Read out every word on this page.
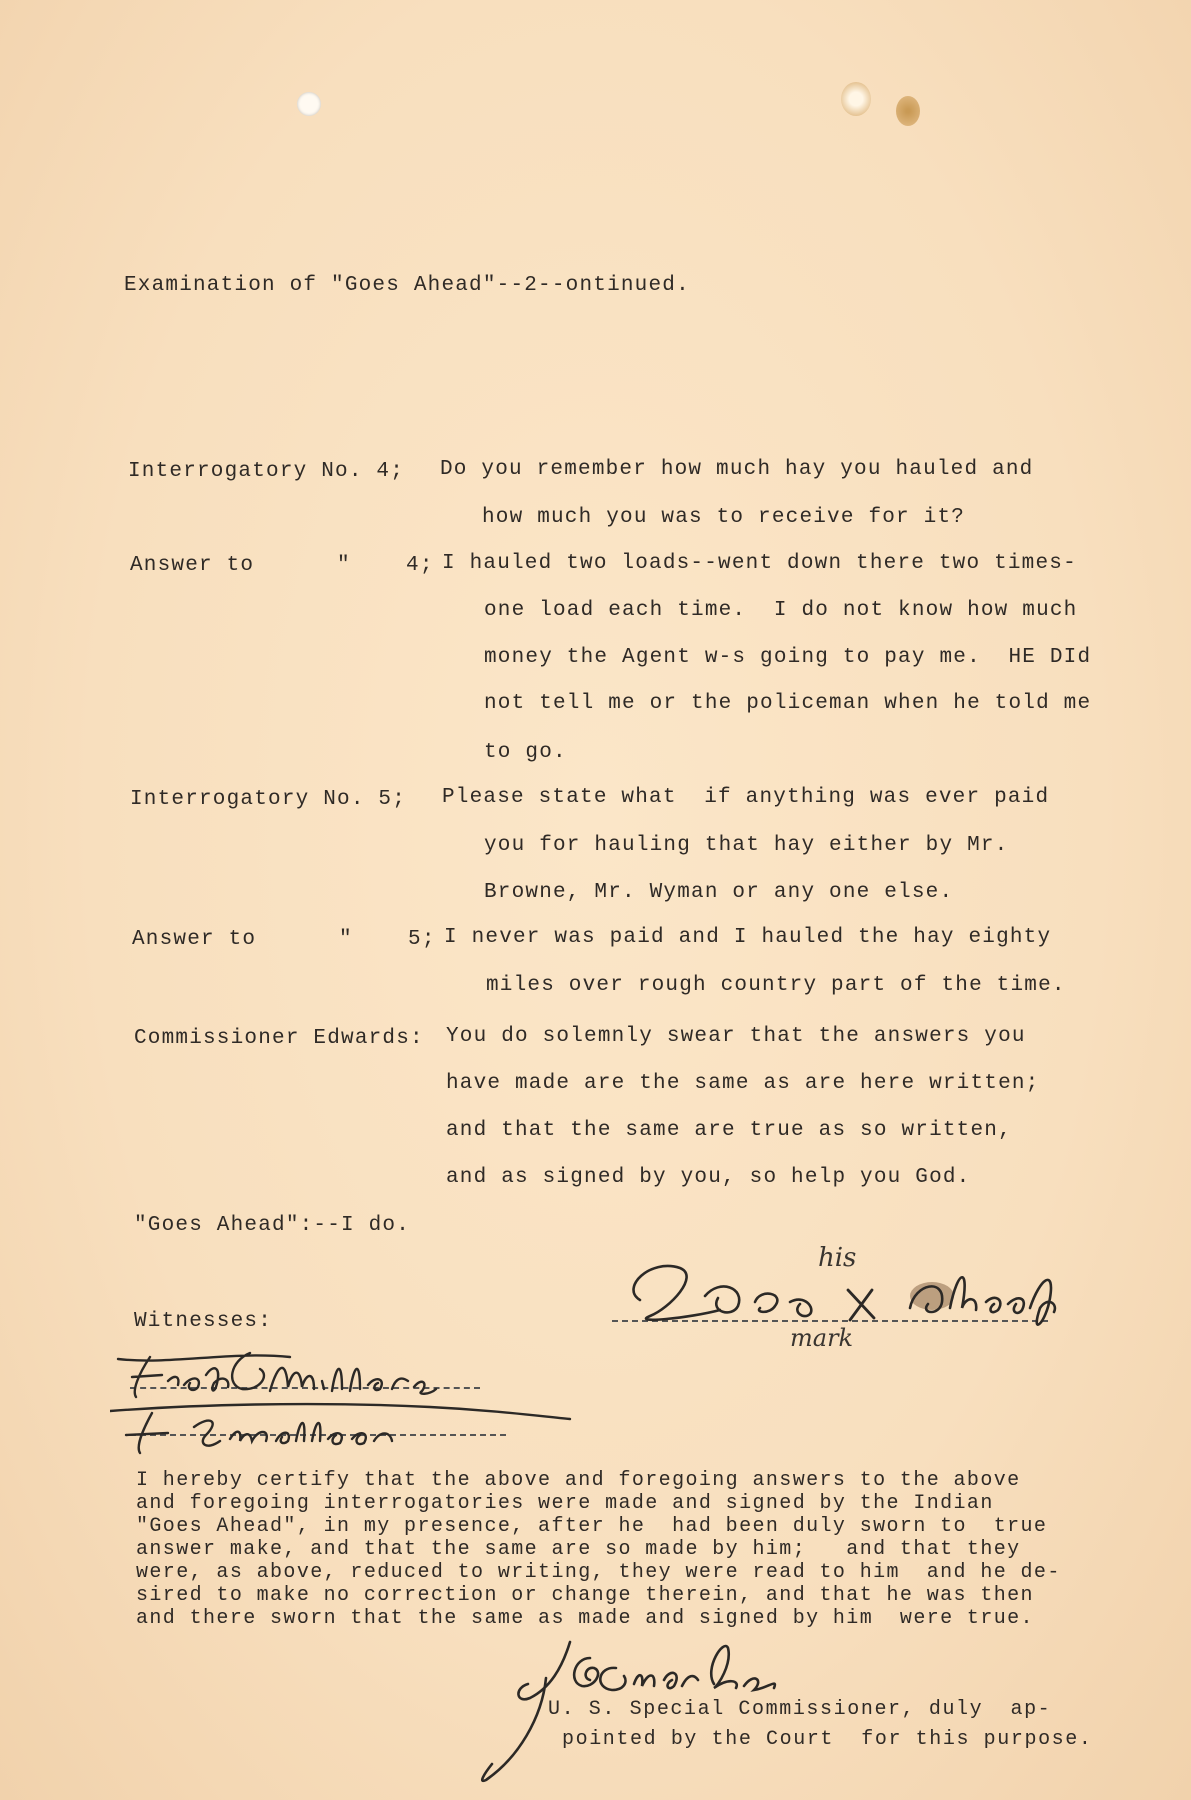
Examination of "Goes Ahead"--2--ontinued.
Interrogatory No. 4; Do you remember how much hay you hauled and
how much you was to receive for it?
Answer to      "    4; I hauled two loads--went down there two times-
one load each time.  I do not know how much
money the Agent w-s going to pay me.  HE DId
not tell me or the policeman when he told me
to go.
Interrogatory No. 5; Please state what  if anything was ever paid
you for hauling that hay either by Mr.
Browne, Mr. Wyman or any one else.
Answer to      "    5; I never was paid and I hauled the hay eighty
miles over rough country part of the time.
Commissioner Edwards: You do solemnly swear that the answers you
have made are the same as are here written;
and that the same are true as so written,
and as signed by you, so help you God.
"Goes Ahead":--I do.
his
mark
Witnesses:
I hereby certify that the above and foregoing answers to the above
and foregoing interrogatories were made and signed by the Indian
"Goes Ahead", in my presence, after he  had been duly sworn to  true
answer make, and that the same are so made by him;   and that they
were, as above, reduced to writing, they were read to him  and he de-
sired to make no correction or change therein, and that he was then
and there sworn that the same as made and signed by him  were true.
U. S. Special Commissioner, duly  ap-
pointed by the Court  for this purpose.
